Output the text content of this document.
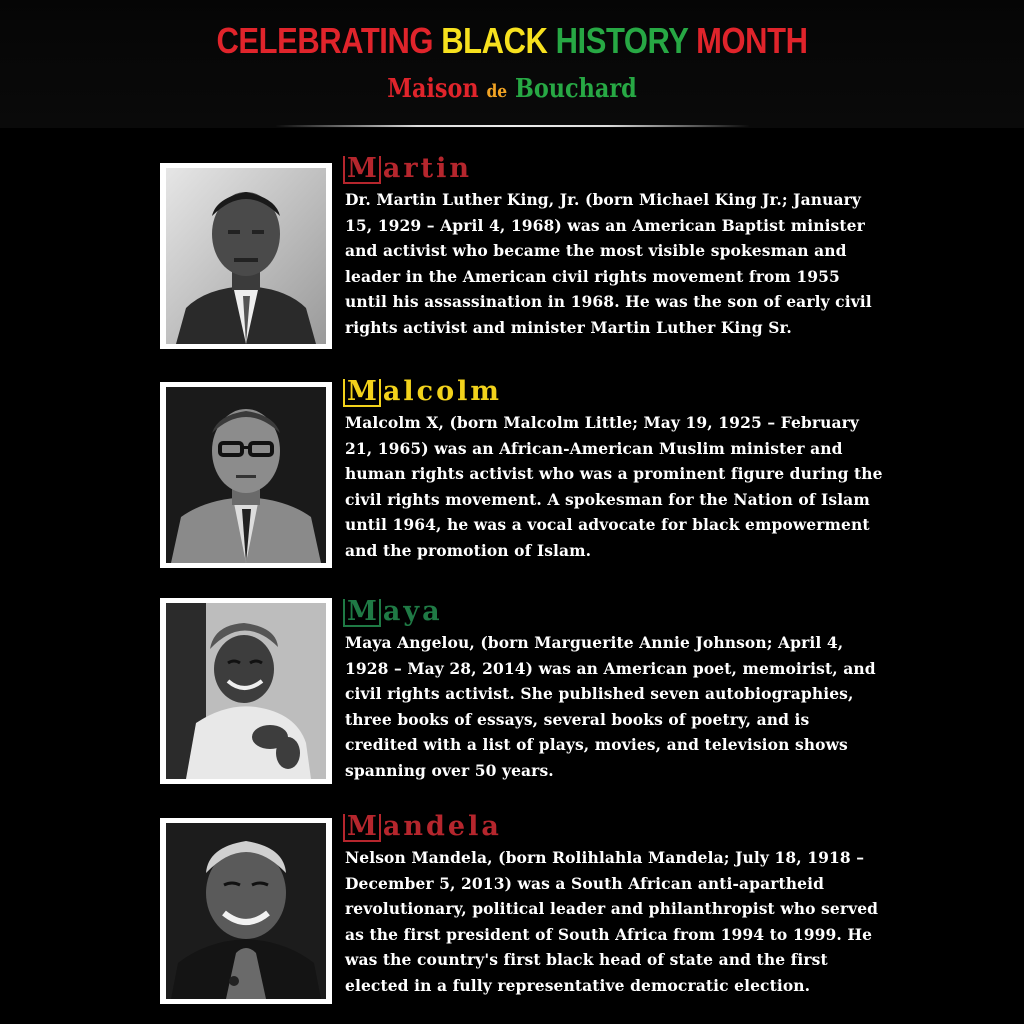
CELEBRATING BLACK HISTORY MONTH
Maison de Bouchard
M artin
Dr. Martin Luther King, Jr. (born Michael King Jr.; January 15, 1929 – April 4, 1968) was an American Baptist minister and activist who became the most visible spokesman and leader in the American civil rights movement from 1955 until his assassination in 1968. He was the son of early civil rights activist and minister Martin Luther King Sr.
M alcolm
Malcolm X, (born Malcolm Little; May 19, 1925 – February 21, 1965) was an African-American Muslim minister and human rights activist who was a prominent figure during the civil rights movement. A spokesman for the Nation of Islam until 1964, he was a vocal advocate for black empowerment and the promotion of Islam.
M aya
Maya Angelou, (born Marguerite Annie Johnson; April 4, 1928 – May 28, 2014) was an American poet, memoirist, and civil rights activist. She published seven autobiographies, three books of essays, several books of poetry, and is credited with a list of plays, movies, and television shows spanning over 50 years.
M andela
Nelson Mandela, (born Rolihlahla Mandela; July 18, 1918 – December 5, 2013) was a South African anti-apartheid revolutionary, political leader and philanthropist who served as the first president of South Africa from 1994 to 1999. He was the country's first black head of state and the first elected in a fully representative democratic election.
